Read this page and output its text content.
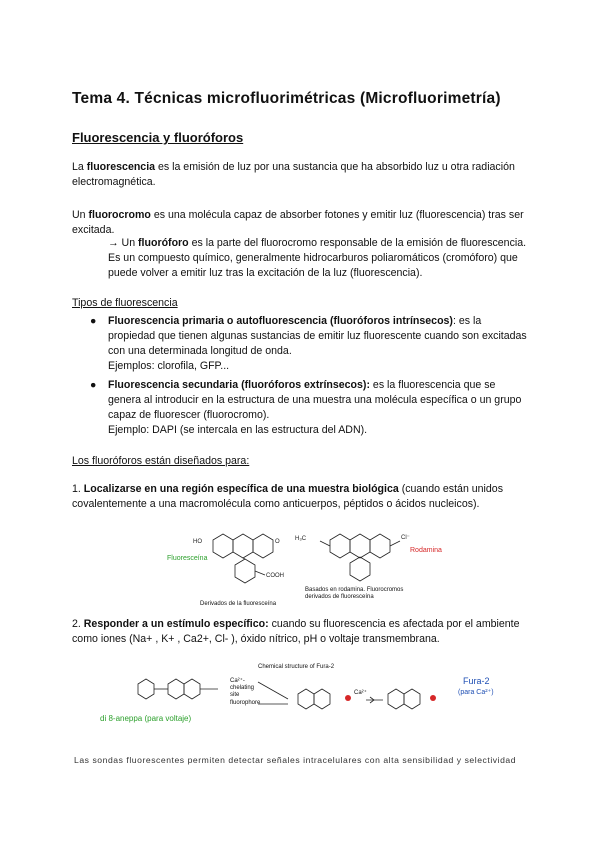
Tema 4. Técnicas microfluorimétricas (Microfluorimetría)
Fluorescencia y fluoróforos
La fluorescencia es la emisión de luz por una sustancia que ha absorbido luz u otra radiación electromagnética.
Un fluorocromo es una molécula capaz de absorber fotones y emitir luz (fluorescencia) tras ser excitada.
→ Un fluoróforo es la parte del fluorocromo responsable de la emisión de fluorescencia. Es un compuesto químico, generalmente hidrocarburos poliaromáticos (cromóforo) que puede volver a emitir luz tras la excitación de la luz (fluorescencia).
Tipos de fluorescencia
● Fluorescencia primaria o autofluorescencia (fluoróforos intrínsecos): es la propiedad que tienen algunas sustancias de emitir luz fluorescente cuando son excitadas con una determinada longitud de onda.
Ejemplos: clorofila, GFP...
● Fluorescencia secundaria (fluoróforos extrínsecos): es la fluorescencia que se genera al introducir en la estructura de una muestra una molécula específica o un grupo capaz de fluorescer (fluorocromo).
Ejemplo: DAPI (se intercala en las estructura del ADN).
Los fluoróforos están diseñados para:
1. Localizarse en una región específica de una muestra biológica (cuando están unidos covalentemente a una macromolécula como anticuerpos, péptidos o ácidos nucleicos).
HO	O
COOH
H₃C	Cl⁻
Fluoresceína
Rodamina
Derivados de la fluoresceína
Basados en rodamina. Fluorocromos derivados de fluoresceína
2. Responder a un estímulo específico: cuando su fluorescencia es afectada por el ambiente como iones (Na+ , K+ , Ca2+, Cl- ), óxido nítrico, pH o voltaje transmembrana.
Chemical structure of Fura-2
Ca²⁺-chelating site
fluorophore
Ca²⁺
di 8-aneppa (para voltaje)
Fura-2
(para Ca²⁺)
Las sondas fluorescentes permiten detectar señales intracelulares con alta sensibilidad y selectividad
